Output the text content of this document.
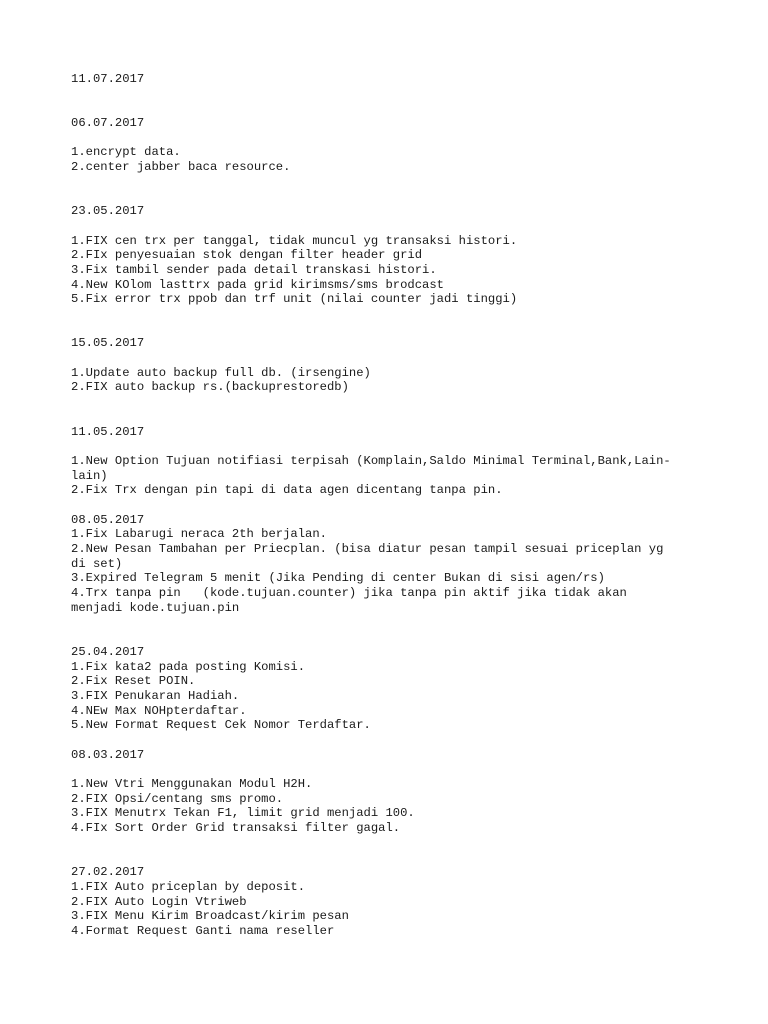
11.07.2017
06.07.2017
1.encrypt data.
2.center jabber baca resource.
23.05.2017
1.FIX cen trx per tanggal, tidak muncul yg transaksi histori.
2.FIx penyesuaian stok dengan filter header grid
3.Fix tambil sender pada detail transkasi histori.
4.New KOlom lasttrx pada grid kirimsms/sms brodcast
5.Fix error trx ppob dan trf unit (nilai counter jadi tinggi)
15.05.2017
1.Update auto backup full db. (irsengine)
2.FIX auto backup rs.(backuprestoredb)
11.05.2017
1.New Option Tujuan notifiasi terpisah (Komplain,Saldo Minimal Terminal,Bank,Lain-
lain)
2.Fix Trx dengan pin tapi di data agen dicentang tanpa pin.
08.05.2017
1.Fix Labarugi neraca 2th berjalan.
2.New Pesan Tambahan per Priecplan. (bisa diatur pesan tampil sesuai priceplan yg
di set)
3.Expired Telegram 5 menit (Jika Pending di center Bukan di sisi agen/rs)
4.Trx tanpa pin   (kode.tujuan.counter) jika tanpa pin aktif jika tidak akan
menjadi kode.tujuan.pin
25.04.2017
1.Fix kata2 pada posting Komisi.
2.Fix Reset POIN.
3.FIX Penukaran Hadiah.
4.NEw Max NOHpterdaftar.
5.New Format Request Cek Nomor Terdaftar.
08.03.2017
1.New Vtri Menggunakan Modul H2H.
2.FIX Opsi/centang sms promo.
3.FIX Menutrx Tekan F1, limit grid menjadi 100.
4.FIx Sort Order Grid transaksi filter gagal.
27.02.2017
1.FIX Auto priceplan by deposit.
2.FIX Auto Login Vtriweb
3.FIX Menu Kirim Broadcast/kirim pesan
4.Format Request Ganti nama reseller
